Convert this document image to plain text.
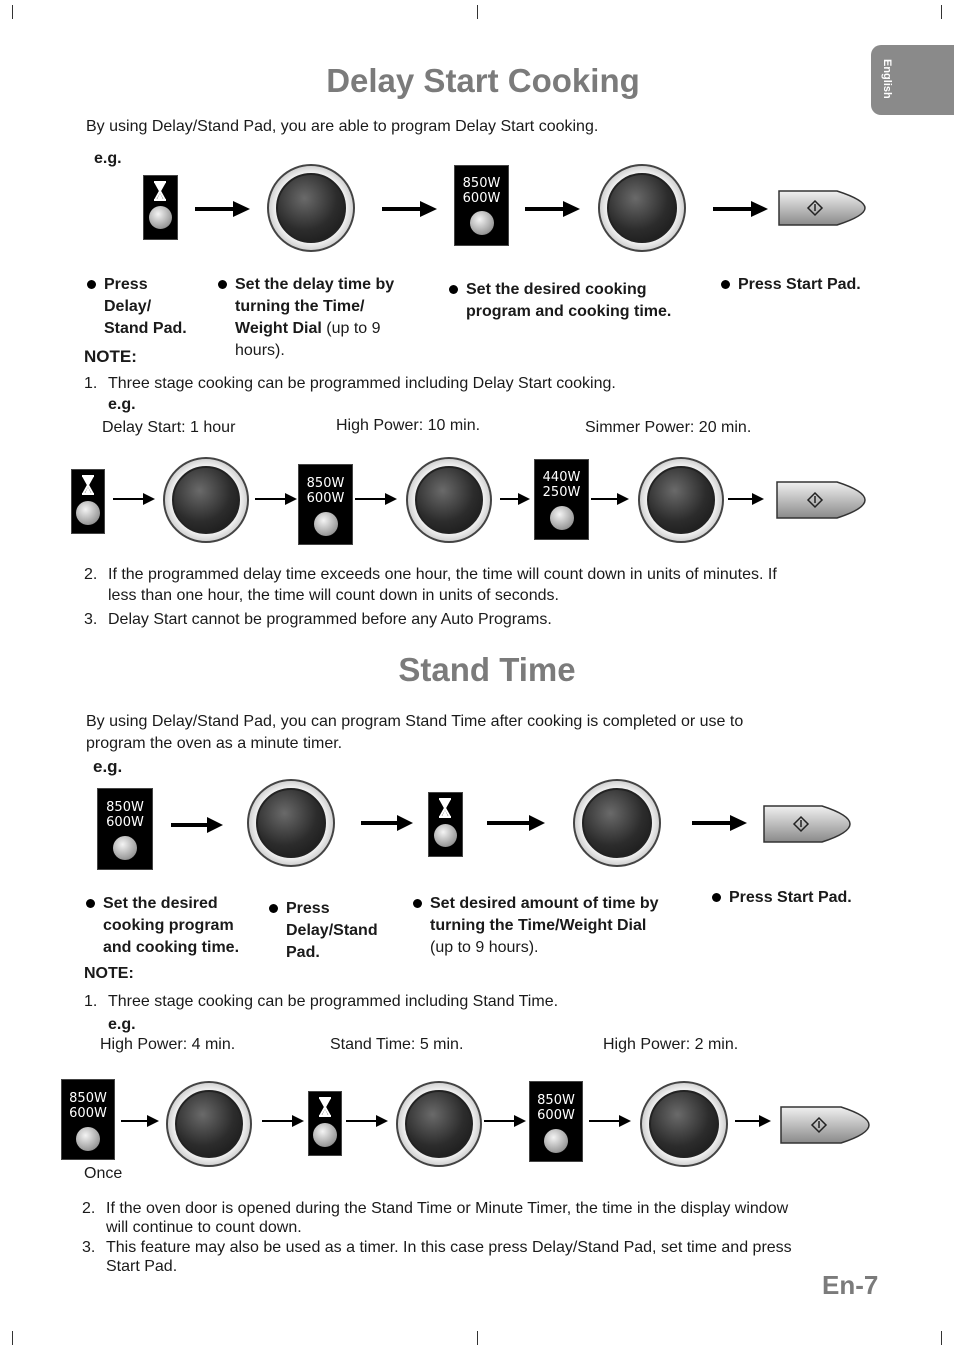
English
Delay Start Cooking
By using Delay/Stand Pad, you are able to program Delay Start cooking.
e.g.
850W
600W
Press
Delay/
Stand Pad.
Set the delay time by
turning the Time/
Weight Dial (up to 9
hours).
Set the desired cooking
program and cooking time.
Press Start Pad.
NOTE:
1. Three stage cooking can be programmed including Delay Start cooking.
e.g.
Delay Start: 1 hour	High Power: 10 min.	Simmer Power: 20 min.
850W
600W
440W
250W
2. If the programmed delay time exceeds one hour, the time will count down in units of minutes. If
less than one hour, the time will count down in units of seconds.
3. Delay Start cannot be programmed before any Auto Programs.
Stand Time
By using Delay/Stand Pad, you can program Stand Time after cooking is completed or use to
program the oven as a minute timer.
e.g.
850W
600W
Set the desired
cooking program
and cooking time.
Press
Delay/Stand
Pad.
Set desired amount of time by
turning the Time/Weight Dial
(up to 9 hours).
Press Start Pad.
NOTE:
1. Three stage cooking can be programmed including Stand Time.
e.g.
High Power: 4 min.	Stand Time: 5 min.	High Power: 2 min.
850W
600W
850W
600W
Once
2. If the oven door is opened during the Stand Time or Minute Timer, the time in the display window
will continue to count down.
3. This feature may also be used as a timer. In this case press Delay/Stand Pad, set time and press
Start Pad.
En-7
